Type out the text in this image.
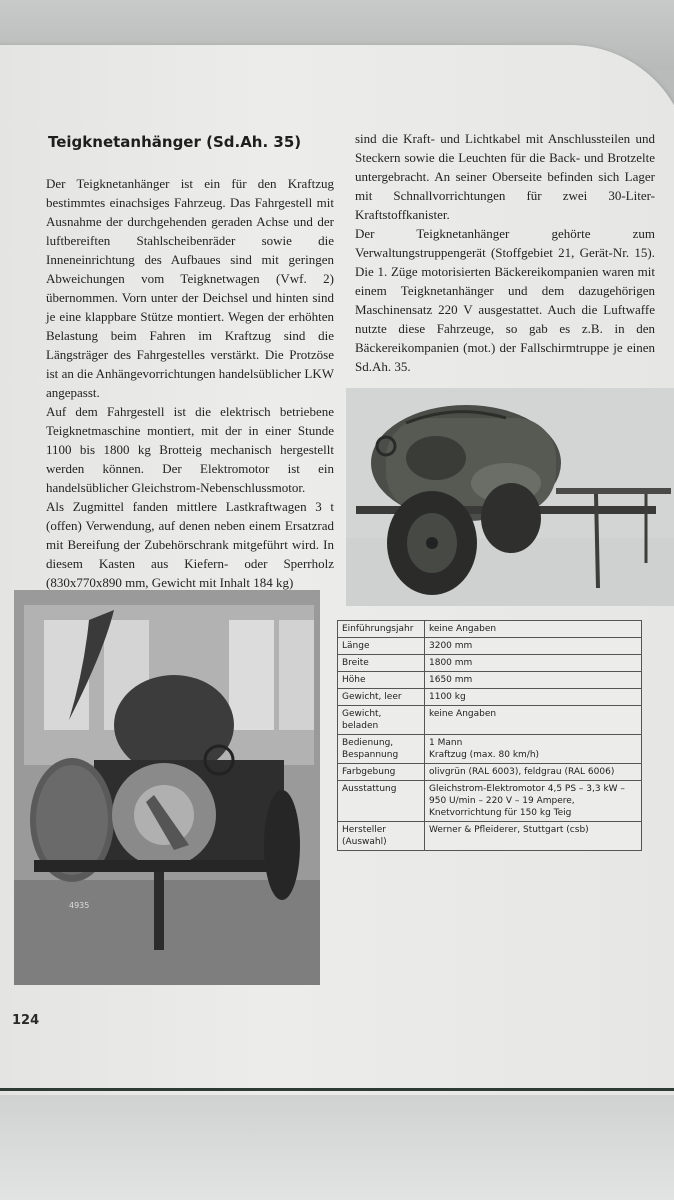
Teigknetanhänger (Sd.Ah. 35)

Der Teigknetanhänger ist ein für den Kraftzug bestimmtes einachsiges Fahrzeug. Das Fahrgestell mit Ausnahme der durchgehenden geraden Achse und der luftbereiften Stahlscheibenräder sowie die Inneneinrichtung des Aufbaues sind mit geringen Abweichungen vom Teigknetwagen (Vwf. 2) übernommen. Vorn unter der Deichsel und hinten sind je eine klappbare Stütze montiert. Wegen der erhöhten Belastung beim Fahren im Kraftzug sind die Längsträger des Fahrgestelles verstärkt. Die Protzöse ist an die Anhängevorrichtungen handelsüblicher LKW angepasst.

Auf dem Fahrgestell ist die elektrisch betriebene Teigknetmaschine montiert, mit der in einer Stunde 1100 bis 1800 kg Brotteig mechanisch hergestellt werden können. Der Elektromotor ist ein handelsüblicher Gleichstrom-Nebenschlussmotor.

Als Zugmittel fanden mittlere Lastkraftwagen 3 t (offen) Verwendung, auf denen neben einem Ersatzrad mit Bereifung der Zubehörschrank mitgeführt wird. In diesem Kasten aus Kiefern- oder Sperrholz (830x770x890 mm, Gewicht mit Inhalt 184 kg)

sind die Kraft- und Lichtkabel mit Anschlussteilen und Steckern sowie die Leuchten für die Back- und Brotzelte untergebracht. An seiner Oberseite befinden sich Lager mit Schnallvorrichtungen für zwei 30-Liter-Kraftstoffkanister.

Der Teigknetanhänger gehörte zum Verwaltungstruppengerät (Stoffgebiet 21, Gerät-Nr. 15). Die 1. Züge motorisierten Bäckereikompanien waren mit einem Teigknetanhänger und dem dazugehörigen Maschinensatz 220 V ausgestattet. Auch die Luftwaffe nutzte diese Fahrzeuge, so gab es z.B. in den Bäckereikompanien (mot.) der Fallschirmtruppe je einen Sd.Ah. 35.

4935
Einführungsjahr	keine Angaben
Länge	3200 mm
Breite	1800 mm
Höhe	1650 mm
Gewicht, leer	1100 kg
Gewicht, beladen	keine Angaben
Bedienung, Bespannung	1 Mann
Kraftzug (max. 80 km/h)
Farbgebung	olivgrün (RAL 6003), feldgrau (RAL 6006)
Ausstattung	Gleichstrom-Elektromotor 4,5 PS – 3,3 kW – 950 U/min – 220 V – 19 Ampere, Knetvorrichtung für 150 kg Teig
Hersteller (Auswahl)	Werner & Pfleiderer, Stuttgart (csb)
124
